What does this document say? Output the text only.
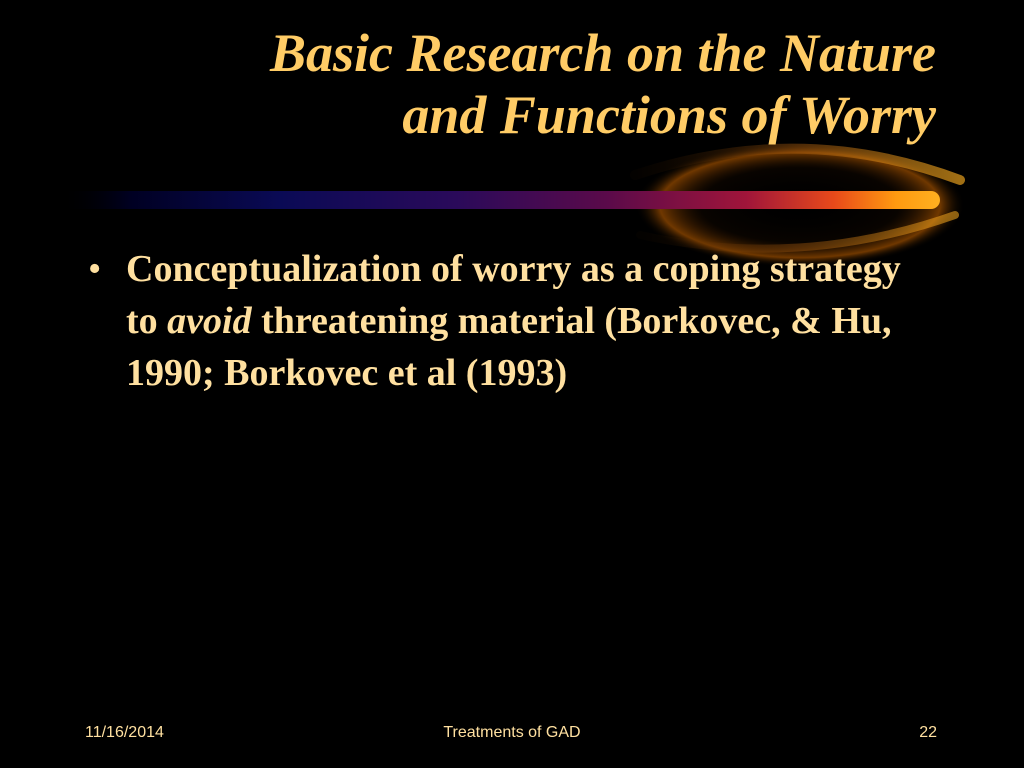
Basic Research on the Nature
and Functions of Worry
• Conceptualization of worry as a coping strategy to avoid threatening material (Borkovec, & Hu, 1990; Borkovec et al (1993)
11/16/2014	Treatments of GAD	22
